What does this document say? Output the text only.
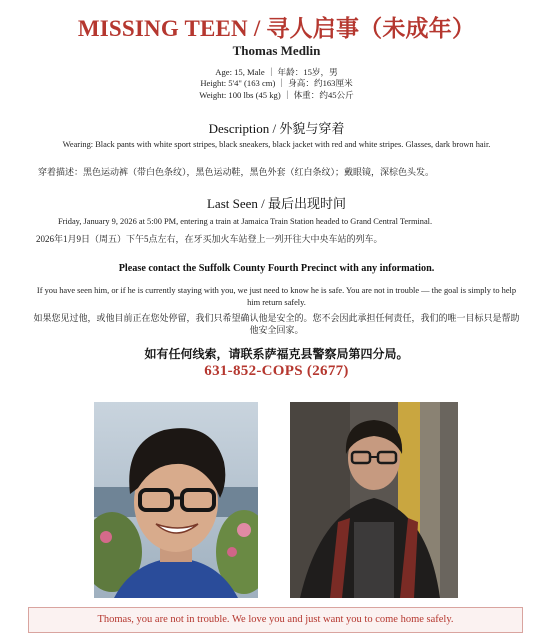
MISSING TEEN / 寻人启事（未成年）
Thomas Medlin
Age: 15, Male ｜ 年龄：15岁，男
Height: 5'4" (163 cm) ｜ 身高：约163厘米
Weight: 100 lbs (45 kg) ｜ 体重：约45公斤
Description / 外貌与穿着
Wearing: Black pants with white sport stripes, black sneakers, black jacket with red and white stripes. Glasses, dark brown hair.
穿着描述：黑色运动裤（带白色条纹），黑色运动鞋，黑色外套（红白条纹）；戴眼镜，深棕色头发。
Last Seen / 最后出现时间
Friday, January 9, 2026 at 5:00 PM, entering a train at Jamaica Train Station headed to Grand Central Terminal.
2026年1月9日（周五）下午5点左右，在牙买加火车站登上一列开往大中央车站的列车。
Please contact the Suffolk County Fourth Precinct with any information.
If you have seen him, or if he is currently staying with you, we just need to know he is safe. You are not in trouble — the goal is simply to help him return safely.
如果您见过他，或他目前正在您处停留，我们只希望确认他是安全的。您不会因此承担任何责任，我们的唯一目标只是帮助他安全回家。
如有任何线索，请联系萨福克县警察局第四分局。
631-852-COPS (2677)
Thomas, you are not in trouble. We love you and just want you to come home safely.
